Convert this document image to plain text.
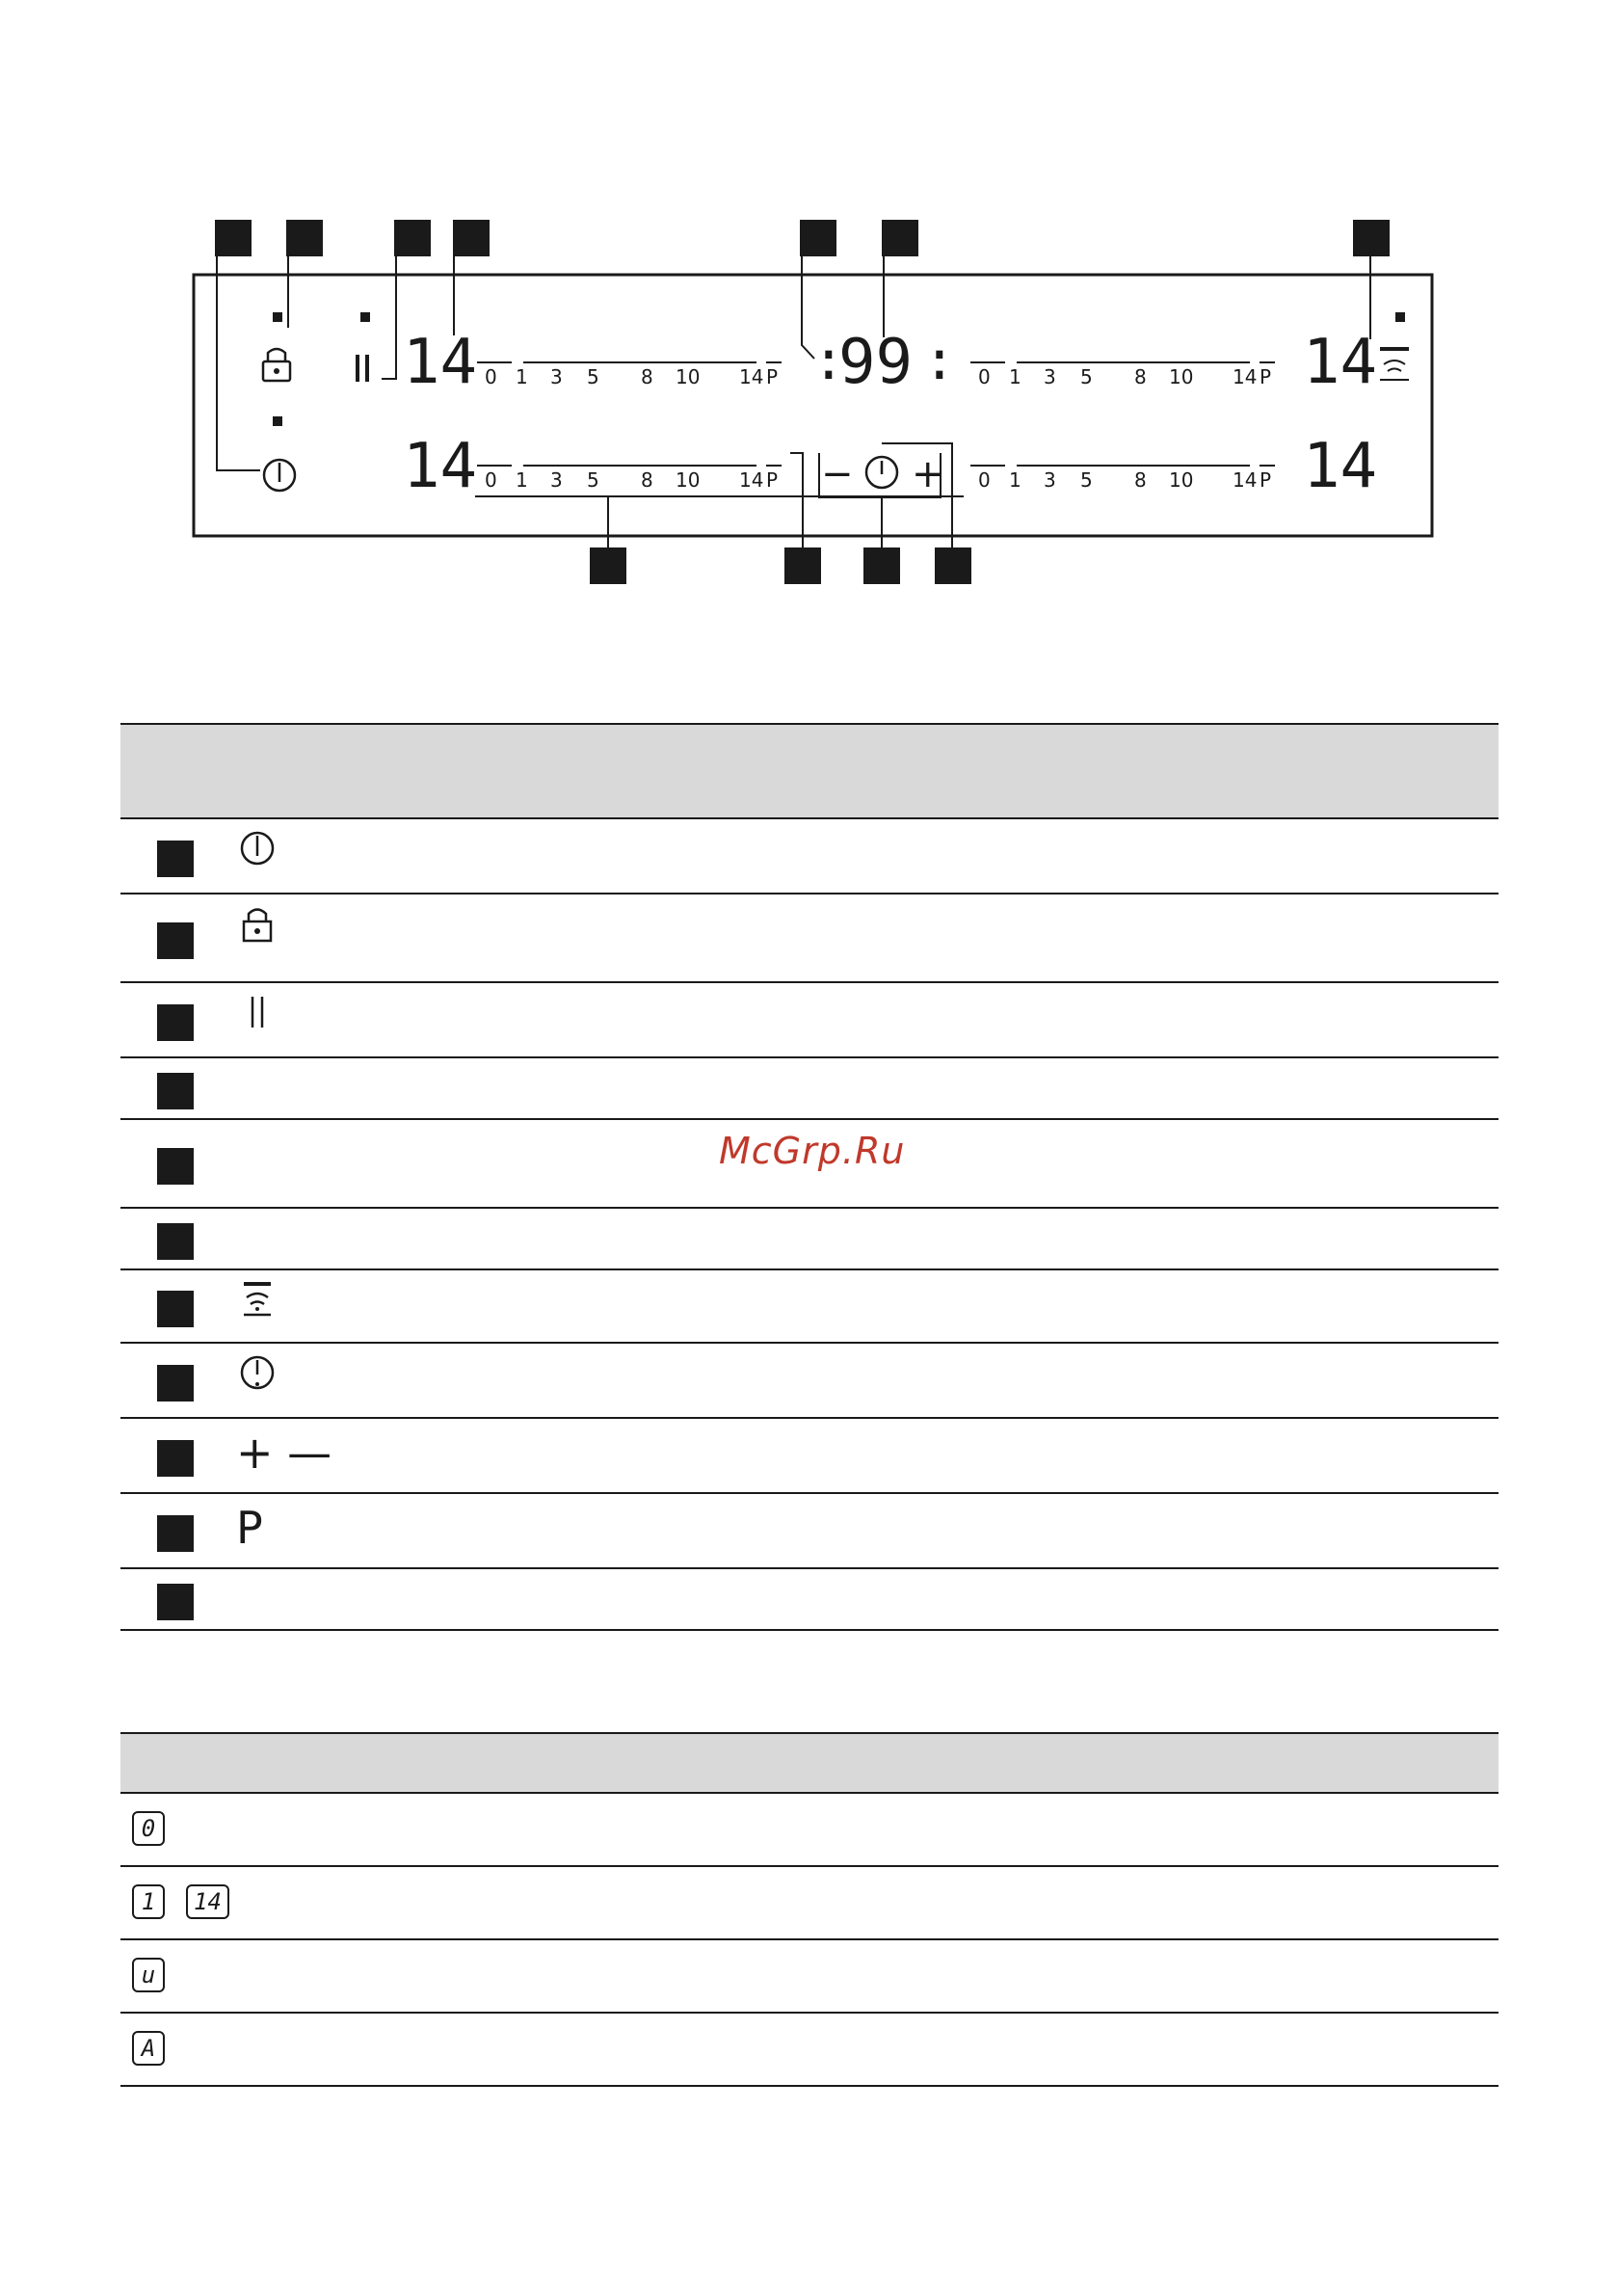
14
14
14
14
99
: :
0 1 3 5 8 10 14 P
0 1 3 5 8 10 14 P
0 1 3 5 8 10 14 P
0 1 3 5 8 10 14 P
− +
McGrp.Ru
+ —
P
0
1	14
u
A
